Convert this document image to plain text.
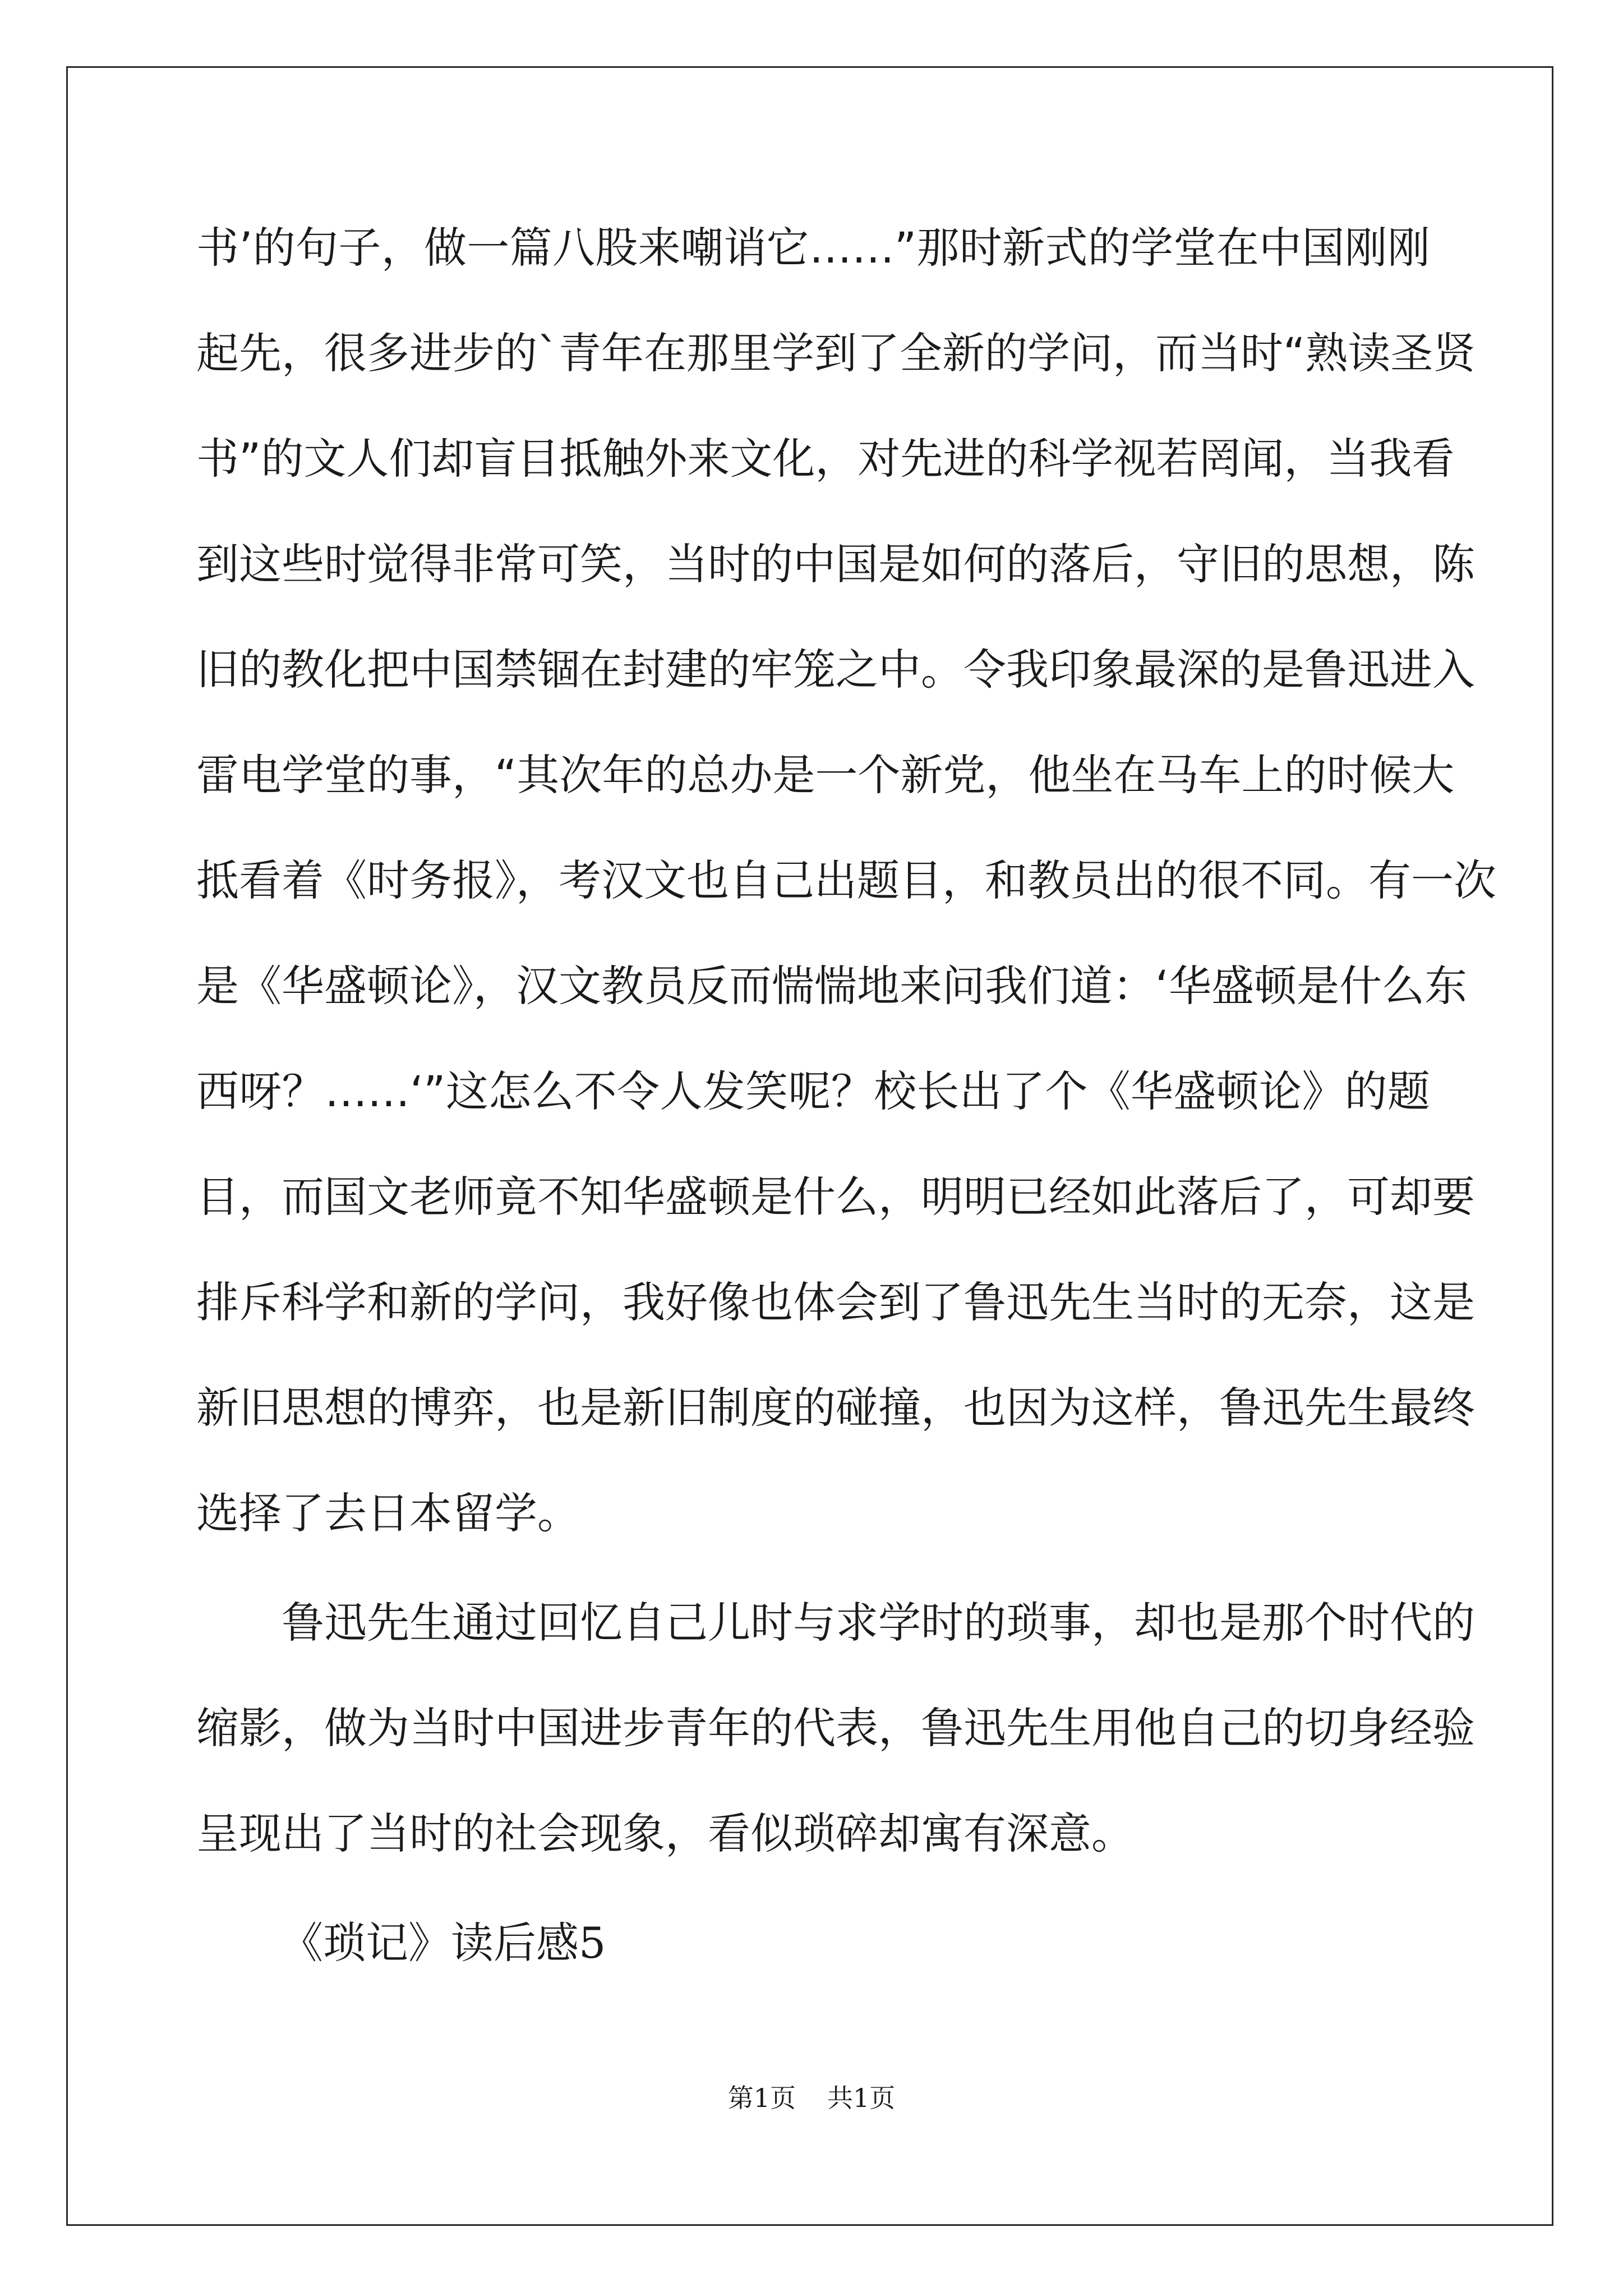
书’的句子，做一篇八股来嘲诮它……”那时新式的学堂在中国刚刚
起先，很多进步的`青年在那里学到了全新的学问，而当时“熟读圣贤
书”的文人们却盲目抵触外来文化，对先进的科学视若罔闻，当我看
到这些时觉得非常可笑，当时的中国是如何的落后，守旧的思想，陈
旧的教化把中国禁锢在封建的牢笼之中。令我印象最深的是鲁迅进入
雷电学堂的事，“其次年的总办是一个新党，他坐在马车上的时候大
抵看着《时务报》，考汉文也自己出题目，和教员出的很不同。有一次
是《华盛顿论》，汉文教员反而惴惴地来问我们道：‘华盛顿是什么东
西呀？……‘”这怎么不令人发笑呢？校长出了个《华盛顿论》的题
目，而国文老师竟不知华盛顿是什么，明明已经如此落后了，可却要
排斥科学和新的学问，我好像也体会到了鲁迅先生当时的无奈，这是
新旧思想的博弈，也是新旧制度的碰撞，也因为这样，鲁迅先生最终
选择了去日本留学。
鲁迅先生通过回忆自己儿时与求学时的琐事，却也是那个时代的
缩影，做为当时中国进步青年的代表，鲁迅先生用他自己的切身经验
呈现出了当时的社会现象，看似琐碎却寓有深意。
《琐记》读后感5
第1页 共1页
